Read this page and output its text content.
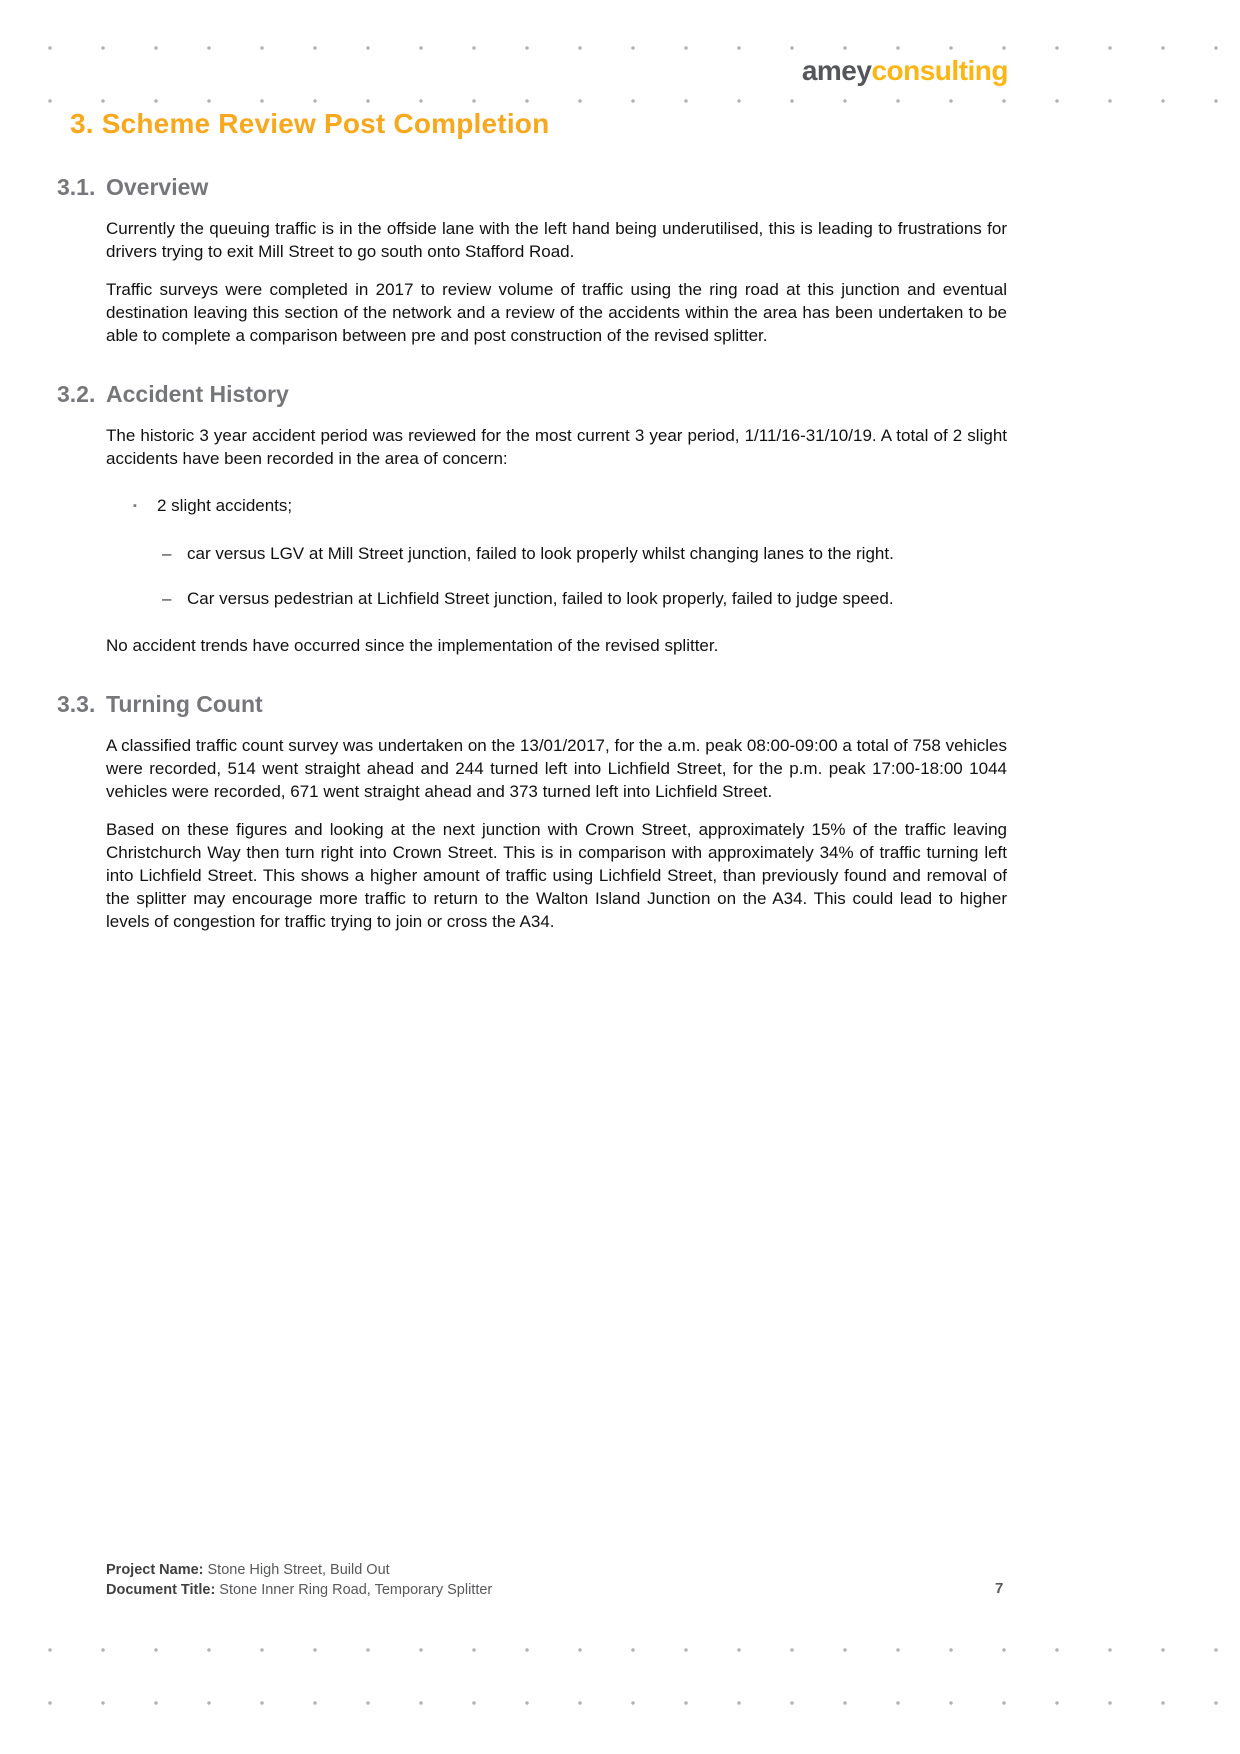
ameyconsulting
3. Scheme Review Post Completion
3.1. Overview

Currently the queuing traffic is in the offside lane with the left hand being underutilised, this is leading to frustrations for drivers trying to exit Mill Street to go south onto Stafford Road.

Traffic surveys were completed in 2017 to review volume of traffic using the ring road at this junction and eventual destination leaving this section of the network and a review of the accidents within the area has been undertaken to be able to complete a comparison between pre and post construction of the revised splitter.

3.2. Accident History

The historic 3 year accident period was reviewed for the most current 3 year period, 1/11/16-31/10/19. A total of 2 slight accidents have been recorded in the area of concern:

▪ 2 slight accidents;
– car versus LGV at Mill Street junction, failed to look properly whilst changing lanes to the right.
– Car versus pedestrian at Lichfield Street junction, failed to look properly, failed to judge speed.

No accident trends have occurred since the implementation of the revised splitter.

3.3. Turning Count

A classified traffic count survey was undertaken on the 13/01/2017, for the a.m. peak 08:00-09:00 a total of 758 vehicles were recorded, 514 went straight ahead and 244 turned left into Lichfield Street, for the p.m. peak 17:00-18:00 1044 vehicles were recorded, 671 went straight ahead and 373 turned left into Lichfield Street.

Based on these figures and looking at the next junction with Crown Street, approximately 15% of the traffic leaving Christchurch Way then turn right into Crown Street. This is in comparison with approximately 34% of traffic turning left into Lichfield Street. This shows a higher amount of traffic using Lichfield Street, than previously found and removal of the splitter may encourage more traffic to return to the Walton Island Junction on the A34. This could lead to higher levels of congestion for traffic trying to join or cross the A34.

Project Name: Stone High Street, Build Out
Document Title: Stone Inner Ring Road, Temporary Splitter	7
